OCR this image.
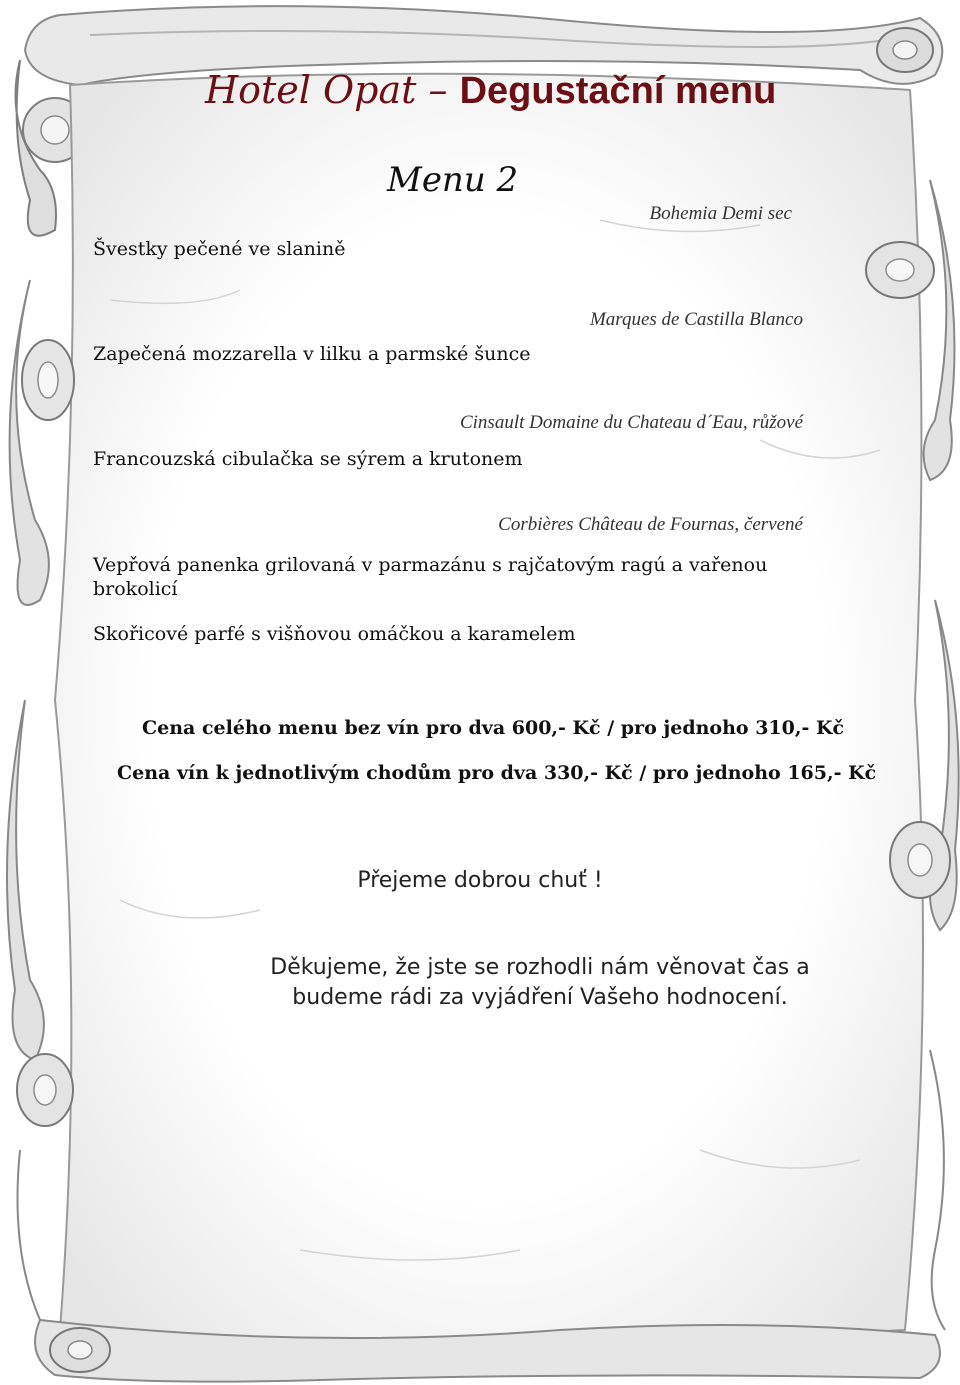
Hotel Opat – Degustační menu
Menu 2
Bohemia Demi sec
Švestky pečené ve slanině
Marques de Castilla Blanco
Zapečená mozzarella v lilku a parmské šunce
Cinsault Domaine du Chateau d´Eau, růžové
Francouzská cibulačka se sýrem a krutonem
Corbières Château de Fournas, červené
Vepřová panenka grilovaná v parmazánu s rajčatovým ragú a vařenou brokolicí
Skořicové parfé s višňovou omáčkou a karamelem
Cena celého menu bez vín pro dva 600,- Kč / pro jednoho 310,- Kč
Cena vín k jednotlivým chodům pro dva 330,- Kč / pro jednoho 165,- Kč
Přejeme dobrou chuť !
Děkujeme, že jste se rozhodli nám věnovat čas a
budeme rádi za vyjádření Vašeho hodnocení.
